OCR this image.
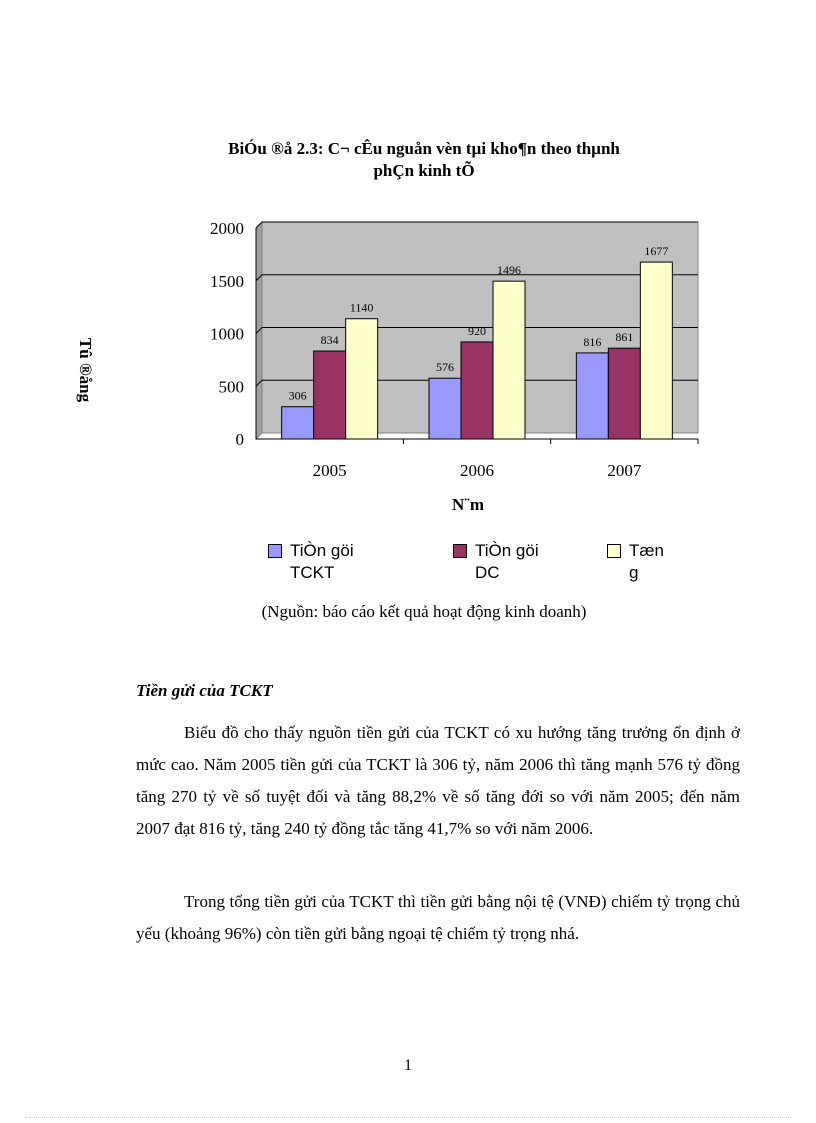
BiÓu ®å 2.3: C¬ cÊu nguån vèn tµi kho¶n theo thµnh
phÇn kinh tÕ
0
500
1000
1500
2000
306
834
1140
2005
576
920
1496
2006
816 861
1677
2007
N¨m
Tû ®ång
TiÒn göi
TCKT
TiÒn göi
DC
Tæn
g
(Nguồn: báo cáo kết quả hoạt động kinh doanh)
Tiền gửi của TCKT

Biểu đồ cho thấy nguồn tiền gửi của TCKT có xu hướng tăng trưởng ổn định ở mức cao. Năm 2005 tiền gửi của TCKT là 306 tỷ, năm 2006 thì tăng mạnh 576 tỷ đồng tăng 270 tỷ về số tuyệt đối và tăng 88,2% về số tăng đới so với năm 2005; đến năm 2007 đạt 816 tỷ, tăng 240 tỷ đồng tắc tăng 41,7% so với năm 2006.

Trong tổng tiền gửi của TCKT thì tiền gửi bằng nội tệ (VNĐ) chiếm tỷ trọng chủ yếu (khoảng 96%) còn tiền gửi bằng ngoại tệ chiếm tỷ trọng nhá.

1
